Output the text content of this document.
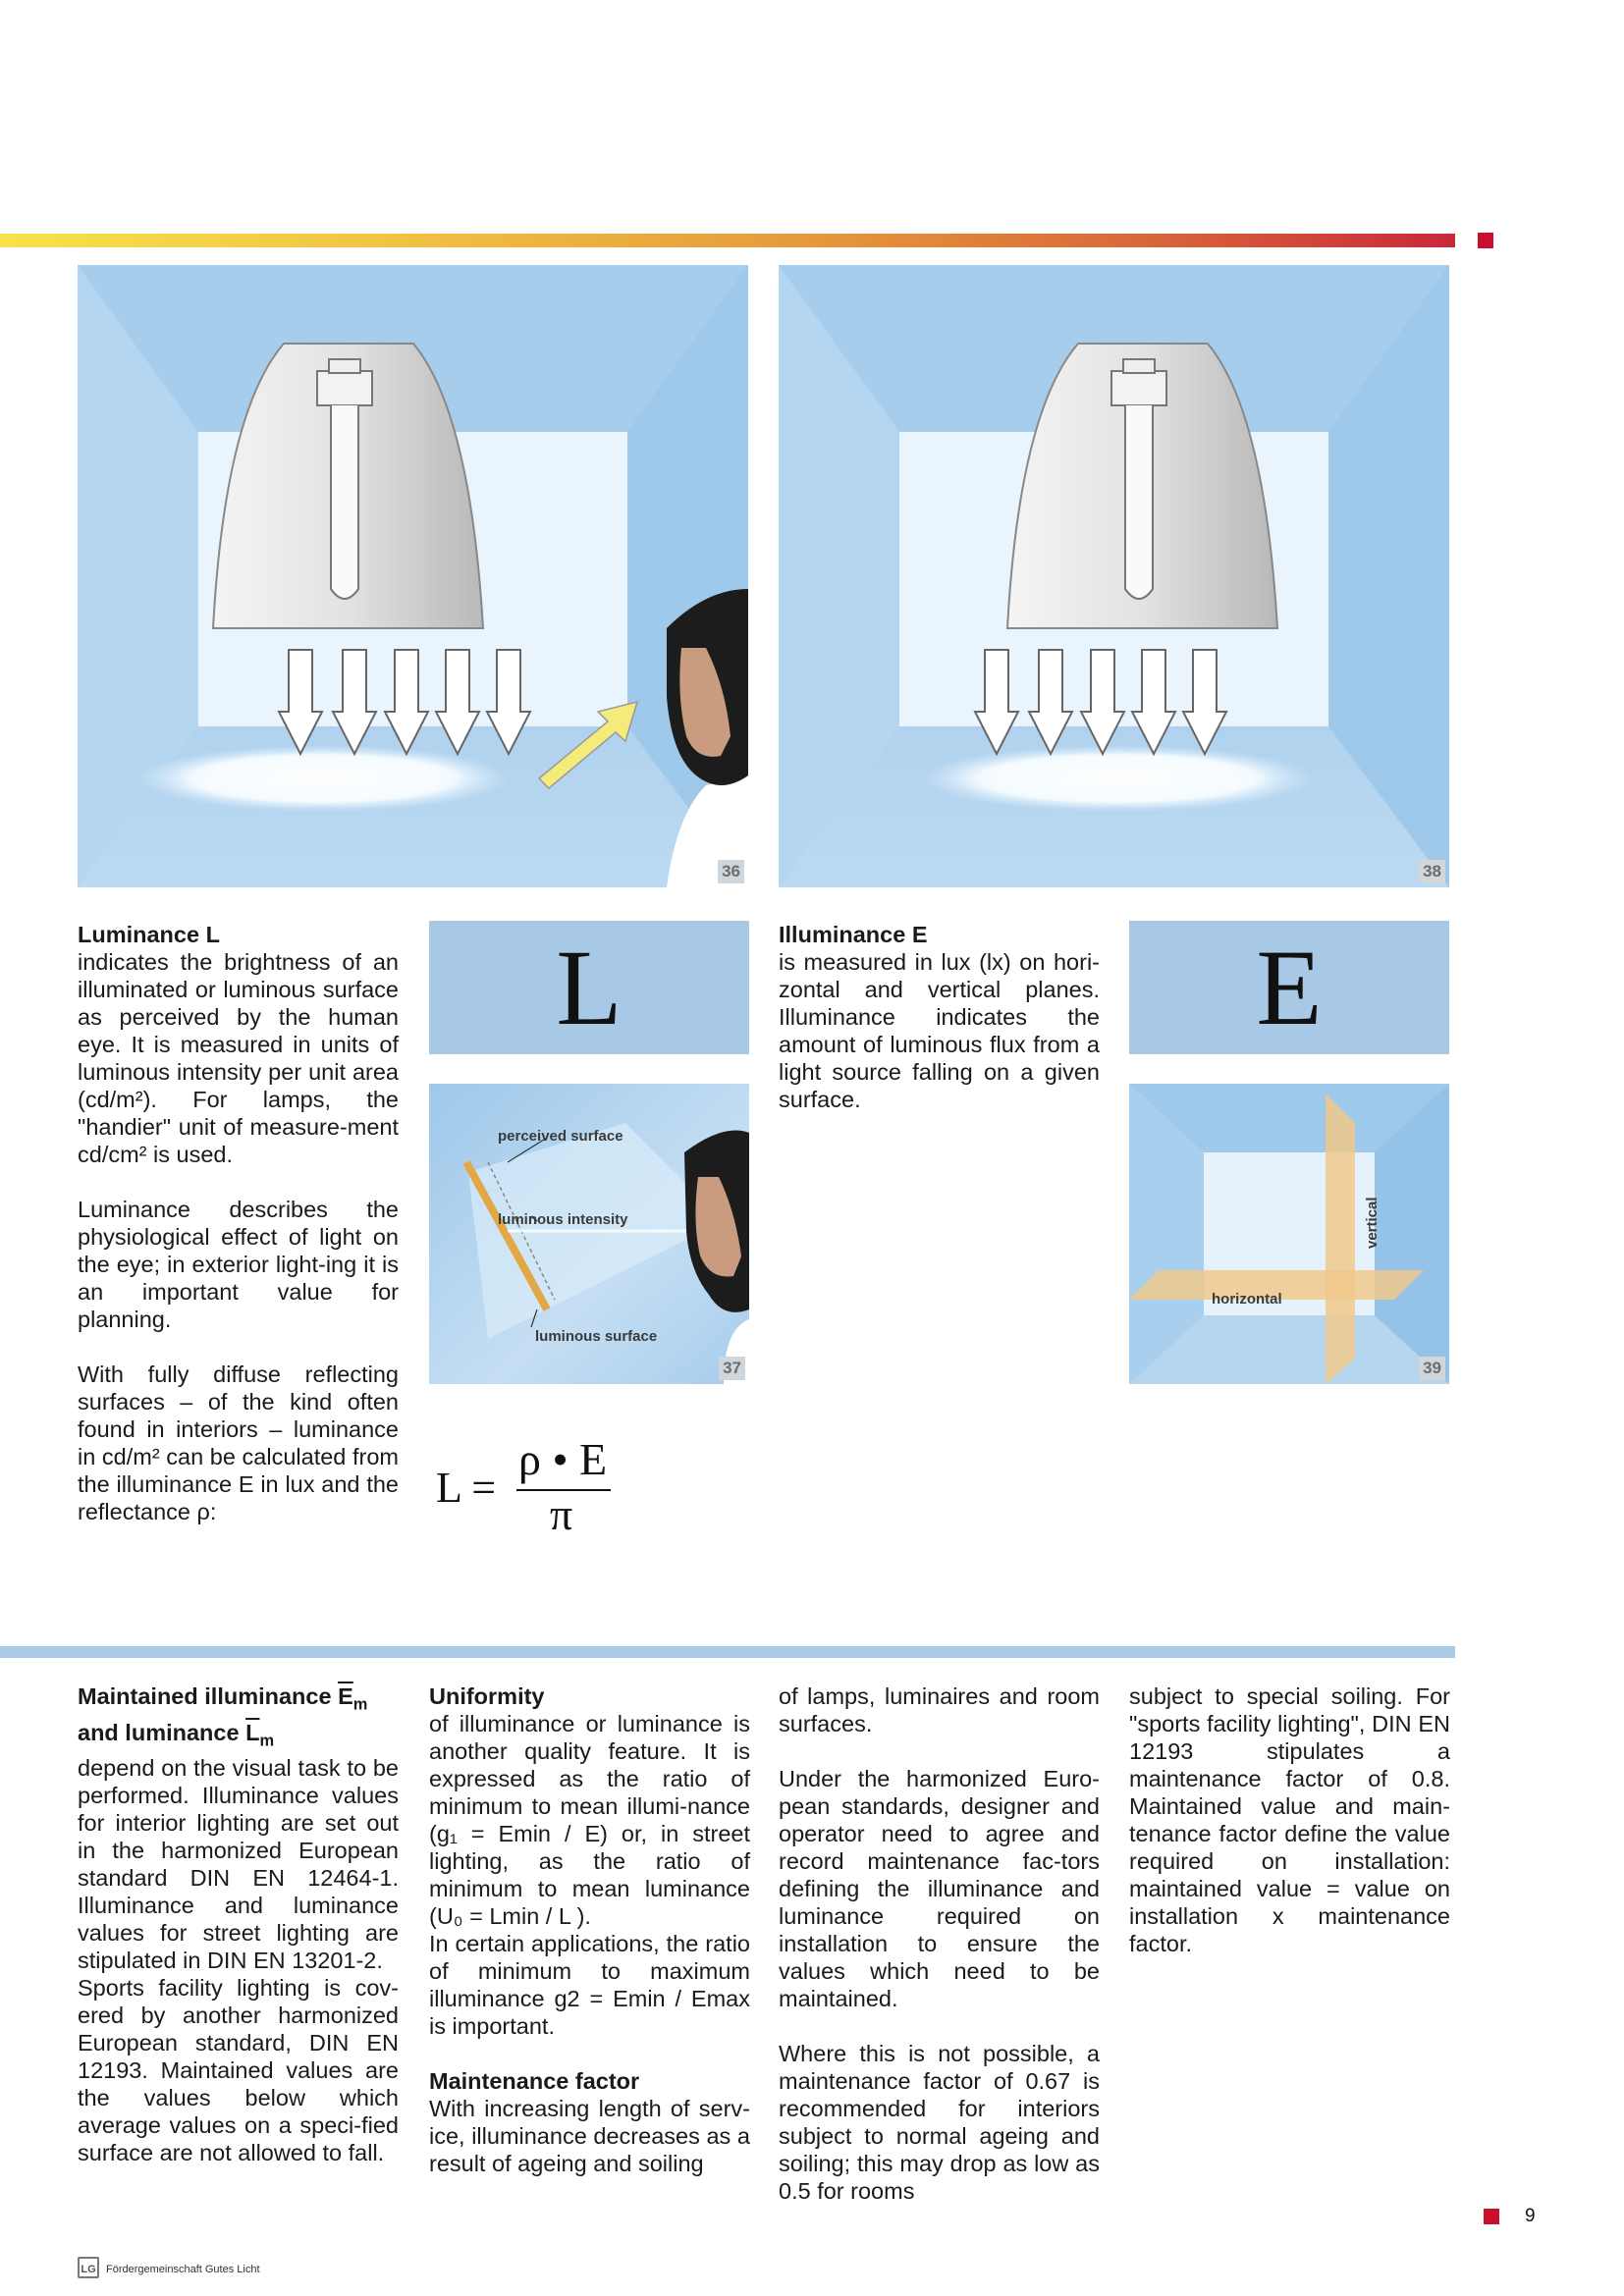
36	38

Luminance L
indicates the brightness of an illuminated or luminous surface as perceived by the human eye. It is measured in units of luminous intensity per unit area (cd/m²). For lamps, the "handier" unit of measure-ment cd/cm² is used.

Luminance describes the physiological effect of light on the eye; in exterior light-ing it is an important value for planning.

With fully diffuse reflecting surfaces – of the kind often found in interiors – luminance in cd/m² can be calculated from the illuminance E in lux and the reflectance ρ:

L
perceived surface
luminous intensity
luminous surface
37
L =
ρ • E
π

Illuminance E
is measured in lux (lx) on hori-zontal and vertical planes. Illuminance indicates the amount of luminous flux from a light source falling on a given surface.

E
vertical
horizontal
39

Maintained illuminance $\overline{E}_m$
and luminance $\overline{L}_m$
depend on the visual task to be performed. Illuminance values for interior lighting are set out in the harmonized European standard DIN EN 12464-1. Illuminance and luminance values for street lighting are stipulated in DIN EN 13201-2.

Sports facility lighting is cov-ered by another harmonized European standard, DIN EN 12193. Maintained values are the values below which average values on a speci-fied surface are not allowed to fall.

Uniformity
of illuminance or luminance is another quality feature. It is expressed as the ratio of minimum to mean illumi-nance (g₁ = Emin / E) or, in street lighting, as the ratio of minimum to mean luminance (U₀ = Lmin / L ).

In certain applications, the ratio of minimum to maximum illuminance g2 = Emin / Emax is important.

Maintenance factor
With increasing length of serv-ice, illuminance decreases as a result of ageing and soiling

of lamps, luminaires and room surfaces.

Under the harmonized Euro-pean standards, designer and operator need to agree and record maintenance fac-tors defining the illuminance and luminance required on installation to ensure the values which need to be maintained.

Where this is not possible, a maintenance factor of 0.67 is recommended for interiors subject to normal ageing and soiling; this may drop as low as 0.5 for rooms

subject to special soiling. For "sports facility lighting", DIN EN 12193 stipulates a maintenance factor of 0.8. Maintained value and main-tenance factor define the value required on installation: maintained value = value on installation x maintenance factor.

9
LG Fördergemeinschaft Gutes Licht
